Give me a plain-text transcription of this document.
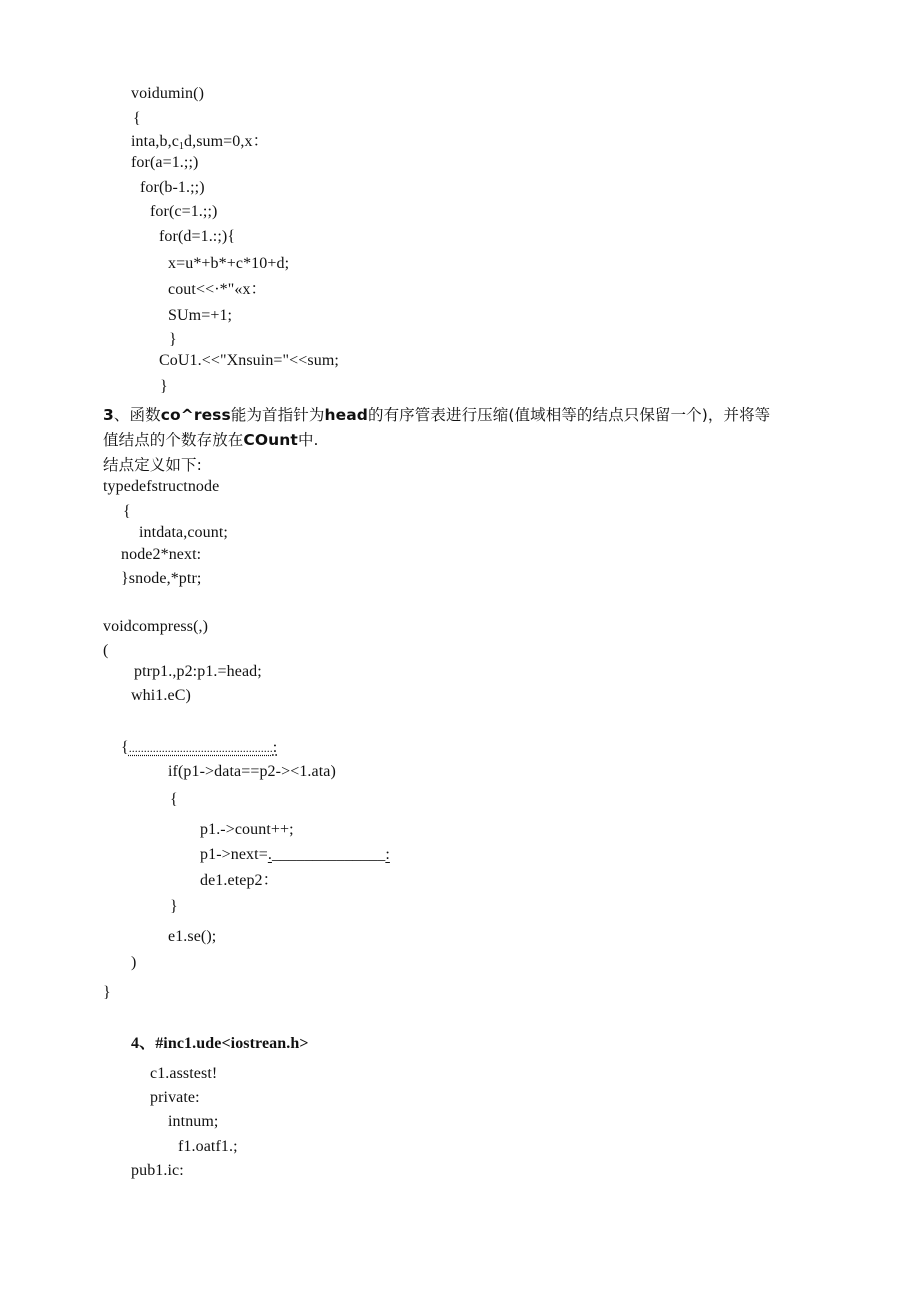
voidumin()
{
$inta,b,c_1d,sum=0,x$：
for(a=1.;;)
for(b-1.;;)
for(c=1.;;)
for(d=1.:;){
x=u*+b*+c*10+d;
cout<<·*"«x：
SUm=+1;
}
CoU1.<<"Xnsuin="<<sum;
}
3、函数co^ress能为首指针为head的有序管表进行压缩(值域相等的结点只保留一个)，并将等
值结点的个数存放在COunt中.
结点定义如下:
typedefstructnode
{
intdata,count;
node2*next:
}snode,*ptr;
voidcompress(,)
(
ptrp1.,p2:p1.=head;
whi1.eC)
{................................................:
if(p1->data==p2-><1.ata)
{
p1.->count++;
p1->next=.______________:
de1.etep2：
}
e1.se();
)
}
4、#inc1.ude<iostrean.h>
c1.asstest!
private:
intnum;
f1.oatf1.;
pub1.ic:
